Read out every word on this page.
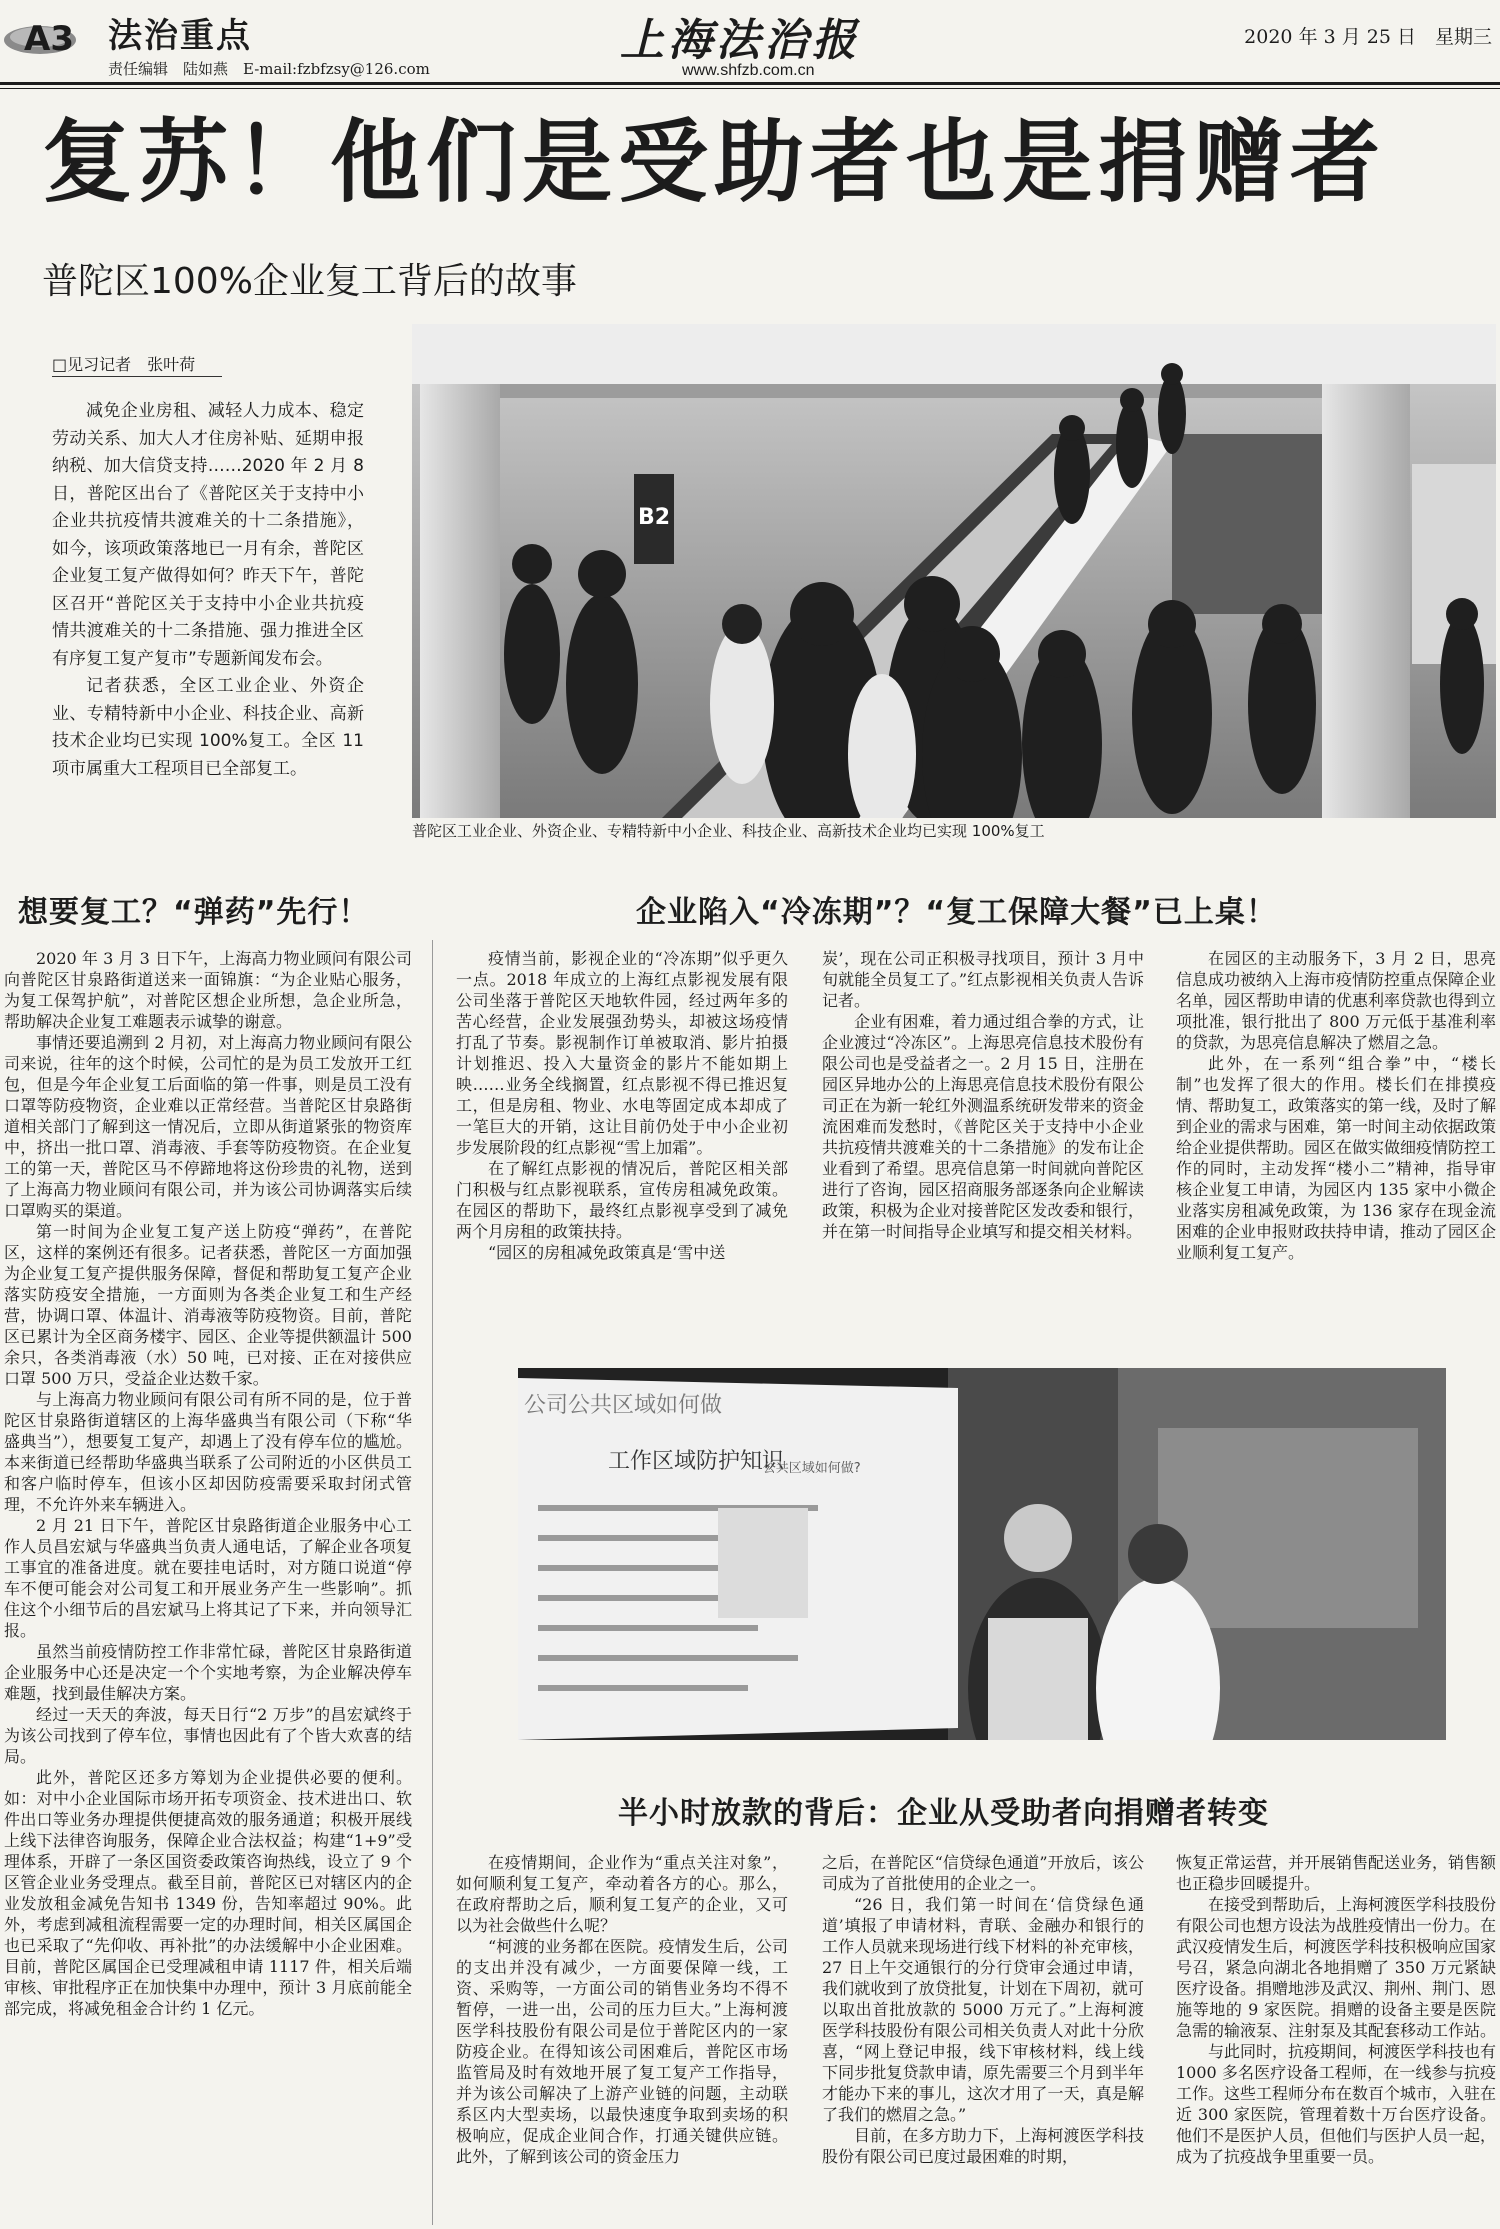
A3 法治重点
责任编辑　陆如燕　E-mail:fzbfzsy@126.com
上海法治报
www.shfzb.com.cn
2020 年 3 月 25 日　星期三
复苏！他们是受助者也是捐赠者
普陀区100%企业复工背后的故事
□见习记者　张叶荷

减免企业房租、减轻人力成本、稳定劳动关系、加大人才住房补贴、延期申报纳税、加大信贷支持……2020 年 2 月 8 日，普陀区出台了《普陀区关于支持中小企业共抗疫情共渡难关的十二条措施》，如今，该项政策落地已一月有余，普陀区企业复工复产做得如何？昨天下午，普陀区召开“普陀区关于支持中小企业共抗疫情共渡难关的十二条措施、强力推进全区有序复工复产复市”专题新闻发布会。

记者获悉，全区工业企业、外资企业、专精特新中小企业、科技企业、高新技术企业均已实现 100%复工。全区 11 项市属重大工程项目已全部复工。

B2
普陀区工业企业、外资企业、专精特新中小企业、科技企业、高新技术企业均已实现 100%复工
想要复工？“弹药”先行！

2020 年 3 月 3 日下午，上海高力物业顾问有限公司向普陀区甘泉路街道送来一面锦旗：“为企业贴心服务，为复工保驾护航”，对普陀区想企业所想，急企业所急，帮助解决企业复工难题表示诚挚的谢意。

事情还要追溯到 2 月初，对上海高力物业顾问有限公司来说，往年的这个时候，公司忙的是为员工发放开工红包，但是今年企业复工后面临的第一件事，则是员工没有口罩等防疫物资，企业难以正常经营。当普陀区甘泉路街道相关部门了解到这一情况后，立即从街道紧张的物资库中，挤出一批口罩、消毒液、手套等防疫物资。在企业复工的第一天，普陀区马不停蹄地将这份珍贵的礼物，送到了上海高力物业顾问有限公司，并为该公司协调落实后续口罩购买的渠道。

第一时间为企业复工复产送上防疫“弹药”，在普陀区，这样的案例还有很多。记者获悉，普陀区一方面加强为企业复工复产提供服务保障，督促和帮助复工复产企业落实防疫安全措施，一方面则为各类企业复工和生产经营，协调口罩、体温计、消毒液等防疫物资。目前，普陀区已累计为全区商务楼宇、园区、企业等提供额温计 500 余只，各类消毒液（水）50 吨，已对接、正在对接供应口罩 500 万只，受益企业达数千家。

与上海高力物业顾问有限公司有所不同的是，位于普陀区甘泉路街道辖区的上海华盛典当有限公司（下称“华盛典当”），想要复工复产，却遇上了没有停车位的尴尬。本来街道已经帮助华盛典当联系了公司附近的小区供员工和客户临时停车，但该小区却因防疫需要采取封闭式管理，不允许外来车辆进入。

2 月 21 日下午，普陀区甘泉路街道企业服务中心工作人员昌宏斌与华盛典当负责人通电话，了解企业各项复工事宜的准备进度。就在要挂电话时，对方随口说道“停车不便可能会对公司复工和开展业务产生一些影响”。抓住这个小细节后的昌宏斌马上将其记了下来，并向领导汇报。

虽然当前疫情防控工作非常忙碌，普陀区甘泉路街道企业服务中心还是决定一个个实地考察，为企业解决停车难题，找到最佳解决方案。

经过一天天的奔波，每天日行“2 万步”的昌宏斌终于为该公司找到了停车位，事情也因此有了个皆大欢喜的结局。

此外，普陀区还多方筹划为企业提供必要的便利。如：对中小企业国际市场开拓专项资金、技术进出口、软件出口等业务办理提供便捷高效的服务通道；积极开展线上线下法律咨询服务，保障企业合法权益；构建“1+9”受理体系，开辟了一条区国资委政策咨询热线，设立了 9 个区管企业业务受理点。截至目前，普陀区已对辖区内的企业发放租金减免告知书 1349 份，告知率超过 90%。此外，考虑到减租流程需要一定的办理时间，相关区属国企也已采取了“先仰收、再补批”的办法缓解中小企业困难。目前，普陀区属国企已受理减租申请 1117 件，相关后端审核、审批程序正在加快集中办理中，预计 3 月底前能全部完成，将减免租金合计约 1 亿元。

企业陷入“冷冻期”？“复工保障大餐”已上桌！

疫情当前，影视企业的“冷冻期”似乎更久一点。2018 年成立的上海红点影视发展有限公司坐落于普陀区天地软件园，经过两年多的苦心经营，企业发展强劲势头，却被这场疫情打乱了节奏。影视制作订单被取消、影片拍摄计划推迟、投入大量资金的影片不能如期上映……业务全线搁置，红点影视不得已推迟复工，但是房租、物业、水电等固定成本却成了一笔巨大的开销，这让目前仍处于中小企业初步发展阶段的红点影视“雪上加霜”。

在了解红点影视的情况后，普陀区相关部门积极与红点影视联系，宣传房租减免政策。在园区的帮助下，最终红点影视享受到了减免两个月房租的政策扶持。

“园区的房租减免政策真是‘雪中送

炭’，现在公司正积极寻找项目，预计 3 月中旬就能全员复工了。”红点影视相关负责人告诉记者。

企业有困难，着力通过组合拳的方式，让企业渡过“冷冻区”。上海思亮信息技术股份有限公司也是受益者之一。2 月 15 日，注册在园区异地办公的上海思亮信息技术股份有限公司正在为新一轮红外测温系统研发带来的资金流困难而发愁时，《普陀区关于支持中小企业共抗疫情共渡难关的十二条措施》的发布让企业看到了希望。思亮信息第一时间就向普陀区进行了咨询，园区招商服务部逐条向企业解读政策，积极为企业对接普陀区发改委和银行，并在第一时间指导企业填写和提交相关材料。

在园区的主动服务下，3 月 2 日，思亮信息成功被纳入上海市疫情防控重点保障企业名单，园区帮助申请的优惠利率贷款也得到立项批准，银行批出了 800 万元低于基准利率的贷款，为思亮信息解决了燃眉之急。

此外，在一系列“组合拳”中，“楼长制”也发挥了很大的作用。楼长们在排摸疫情、帮助复工，政策落实的第一线，及时了解到企业的需求与困难，第一时间主动依据政策给企业提供帮助。园区在做实做细疫情防控工作的同时，主动发挥“楼小二”精神，指导审核企业复工申请，为园区内 135 家中小微企业落实房租减免政策，为 136 家存在现金流困难的企业申报财政扶持申请，推动了园区企业顺利复工复产。

公司公共区域如何做
工作区域防护知识
-公共区域如何做?
半小时放款的背后：企业从受助者向捐赠者转变

在疫情期间，企业作为“重点关注对象”，如何顺利复工复产，牵动着各方的心。那么，在政府帮助之后，顺利复工复产的企业，又可以为社会做些什么呢？

“柯渡的业务都在医院。疫情发生后，公司的支出并没有减少，一方面要保障一线，工资、采购等，一方面公司的销售业务均不得不暂停，一进一出，公司的压力巨大。”上海柯渡医学科技股份有限公司是位于普陀区内的一家防疫企业。在得知该公司困难后，普陀区市场监管局及时有效地开展了复工复产工作指导，并为该公司解决了上游产业链的问题，主动联系区内大型卖场，以最快速度争取到卖场的积极响应，促成企业间合作，打通关键供应链。此外，了解到该公司的资金压力

之后，在普陀区“信贷绿色通道”开放后，该公司成为了首批使用的企业之一。

“26 日，我们第一时间在‘信贷绿色通道’填报了申请材料，青联、金融办和银行的工作人员就来现场进行线下材料的补充审核，27 日上午交通银行的分行贷审会通过申请，我们就收到了放贷批复，计划在下周初，就可以取出首批放款的 5000 万元了。”上海柯渡医学科技股份有限公司相关负责人对此十分欣喜，“网上登记申报，线下审核材料，线上线下同步批复贷款申请，原先需要三个月到半年才能办下来的事儿，这次才用了一天，真是解了我们的燃眉之急。”

目前，在多方助力下，上海柯渡医学科技股份有限公司已度过最困难的时期，

恢复正常运营，并开展销售配送业务，销售额也正稳步回暖提升。

在接受到帮助后，上海柯渡医学科技股份有限公司也想方设法为战胜疫情出一份力。在武汉疫情发生后，柯渡医学科技积极响应国家号召，紧急向湖北各地捐赠了 350 万元紧缺医疗设备。捐赠地涉及武汉、荆州、荆门、恩施等地的 9 家医院。捐赠的设备主要是医院急需的输液泵、注射泵及其配套移动工作站。

与此同时，抗疫期间，柯渡医学科技也有 1000 多名医疗设备工程师，在一线参与抗疫工作。这些工程师分布在数百个城市，入驻在近 300 家医院，管理着数十万台医疗设备。他们不是医护人员，但他们与医护人员一起，成为了抗疫战争里重要一员。
